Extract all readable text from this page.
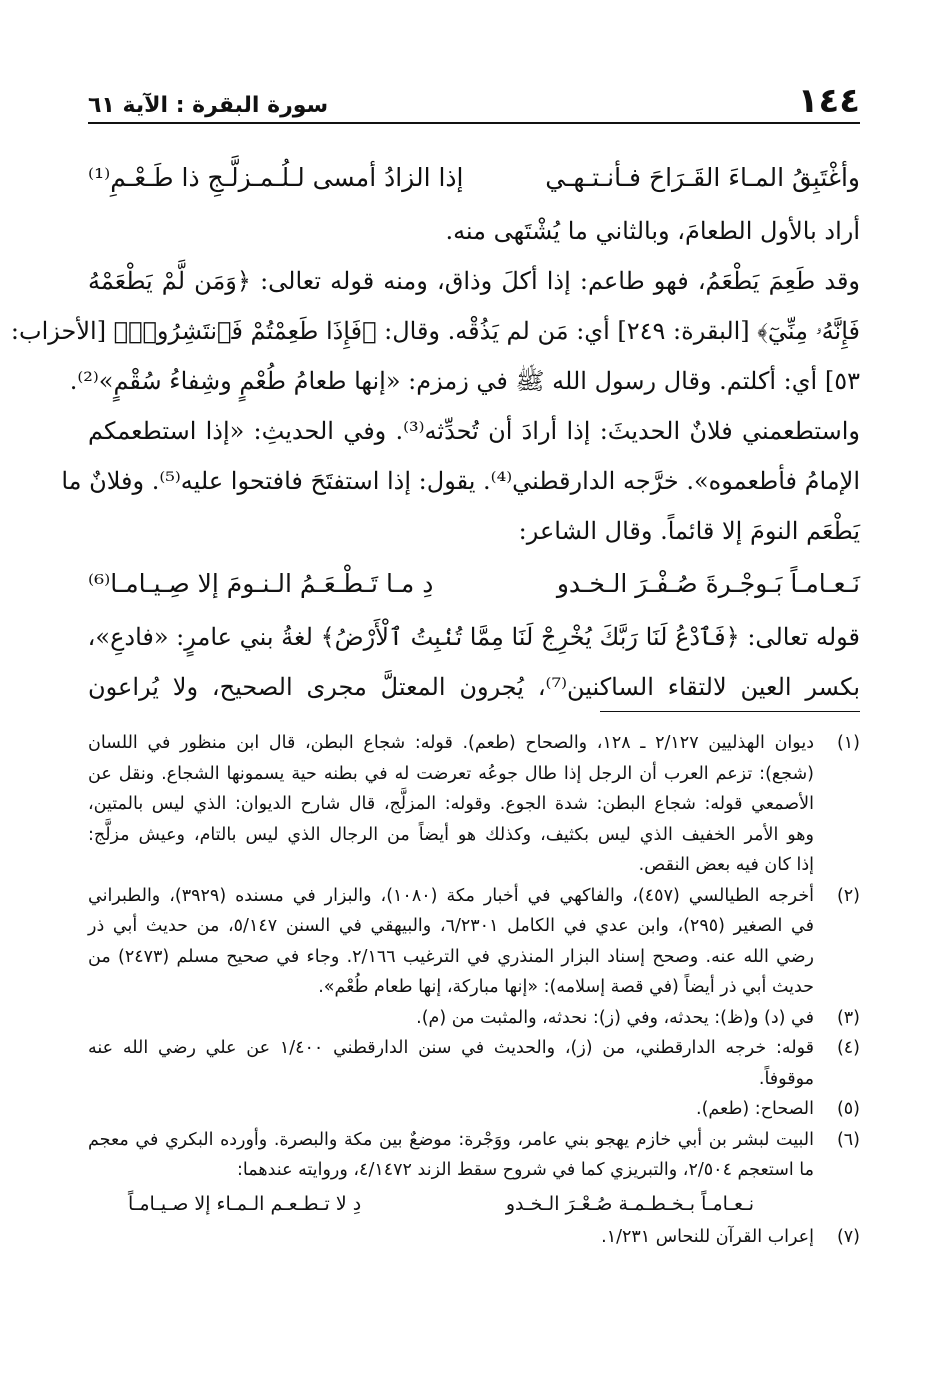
١٤٤
سورة البقرة : الآية ٦١
وأغْتَبِقُ المـاءَ القَـرَاحَ فـأنـتـهـي
إذا الزادُ أمسى لـلُـمـزلَّـجِ ذا طَـعْـمِ⁽¹⁾
أراد بالأول الطعامَ، وبالثاني ما يُشْتَهى منه.
وقد طَعِمَ يَطْعَمُ، فهو طاعم: إذا أكلَ وذاق، ومنه قوله تعالى: ﴿وَمَن لَّمْ يَطْعَمْهُ
فَإِنَّهُۥ مِنِّيٓ﴾ [البقرة: ٢٤٩] أي: مَن لم يَذُقْه. وقال: ﴿فَإِذَا طَعِمْتُمْ فَٱنتَشِرُوا۟﴾ [الأحزاب:
٥٣] أي: أكلتم. وقال رسول الله ﷺ في زمزم: «إنها طعامُ طُعْمٍ وشِفاءُ سُقْمٍ»⁽²⁾.
واستطعمني فلانٌ الحديثَ: إذا أرادَ أن تُحدِّثه⁽³⁾. وفي الحديثِ: «إذا استطعمكم
الإمامُ فأطعموه». خرَّجه الدارقطني⁽⁴⁾. يقول: إذا استفتَحَ فافتحوا عليه⁽⁵⁾. وفلانٌ ما
يَطْعَم النومَ إلا قائماً. وقال الشاعر:
نَـعـامـاً بَـوجْـرةَ صُـفْـرَ الـخـدو
دِ مـا تَـطْـعَـمُ الـنـومَ إلا صِـيـامـا⁽⁶⁾
قوله تعالى: ﴿فَٱدْعُ لَنَا رَبَّكَ يُخْرِجْ لَنَا مِمَّا تُنۢبِتُ ٱلْأَرْضُ﴾ لغةُ بني عامرٍ: «فادعِ»،
بكسر العين لالتقاء الساكنين⁽⁷⁾، يُجرون المعتلَّ مجرى الصحيح، ولا يُراعون
(١)
ديوان الهذليين ٢/١٢٧ ـ ١٢٨، والصحاح (طعم). قوله: شجاع البطن، قال ابن منظور في اللسان
(شجع): تزعم العرب أن الرجل إذا طال جوعُه تعرضت له في بطنه حية يسمونها الشجاع. ونقل عن
الأصمعي قوله: شجاع البطن: شدة الجوع. وقوله: المزلَّج، قال شارح الديوان: الذي ليس بالمتين،
وهو الأمر الخفيف الذي ليس بكثيف، وكذلك هو أيضاً من الرجال الذي ليس بالتام، وعيش مزلَّج:
إذا كان فيه بعض النقص.
(٢)
أخرجه الطيالسي (٤٥٧)، والفاكهي في أخبار مكة (١٠٨٠)، والبزار في مسنده (٣٩٢٩)، والطبراني
في الصغير (٢٩٥)، وابن عدي في الكامل ٦/٢٣٠١، والبيهقي في السنن ٥/١٤٧، من حديث أبي ذر
رضي الله عنه. وصحح إسناد البزار المنذري في الترغيب ٢/١٦٦. وجاء في صحيح مسلم (٢٤٧٣) من
حديث أبي ذر أيضاً (في قصة إسلامه): «إنها مباركة، إنها طعام طُعْم».
(٣)
في (د) و(ظ): يحدثه، وفي (ز): نحدثه، والمثبت من (م).
(٤)
قوله: خرجه الدارقطني، من (ز)، والحديث في سنن الدارقطني ١/٤٠٠ عن علي رضي الله عنه
موقوفاً.
(٥)
الصحاح: (طعم).
(٦)
البيت لبشر بن أبي خازم يهجو بني عامر، ووَجْرة: موضعٌ بين مكة والبصرة. وأورده البكري في معجم
ما استعجم ٢/٥٠٤، والتبريزي كما في شروح سقط الزند ٤/١٤٧٢، وروايته عندهما:
نـعـامـاً بـخـطـمـة صُـعْـرَ الـخـدو
دِ لا تـطـعـم الـمـاء إلا صـيـامـاً
(٧)
إعراب القرآن للنحاس ١/٢٣١.
